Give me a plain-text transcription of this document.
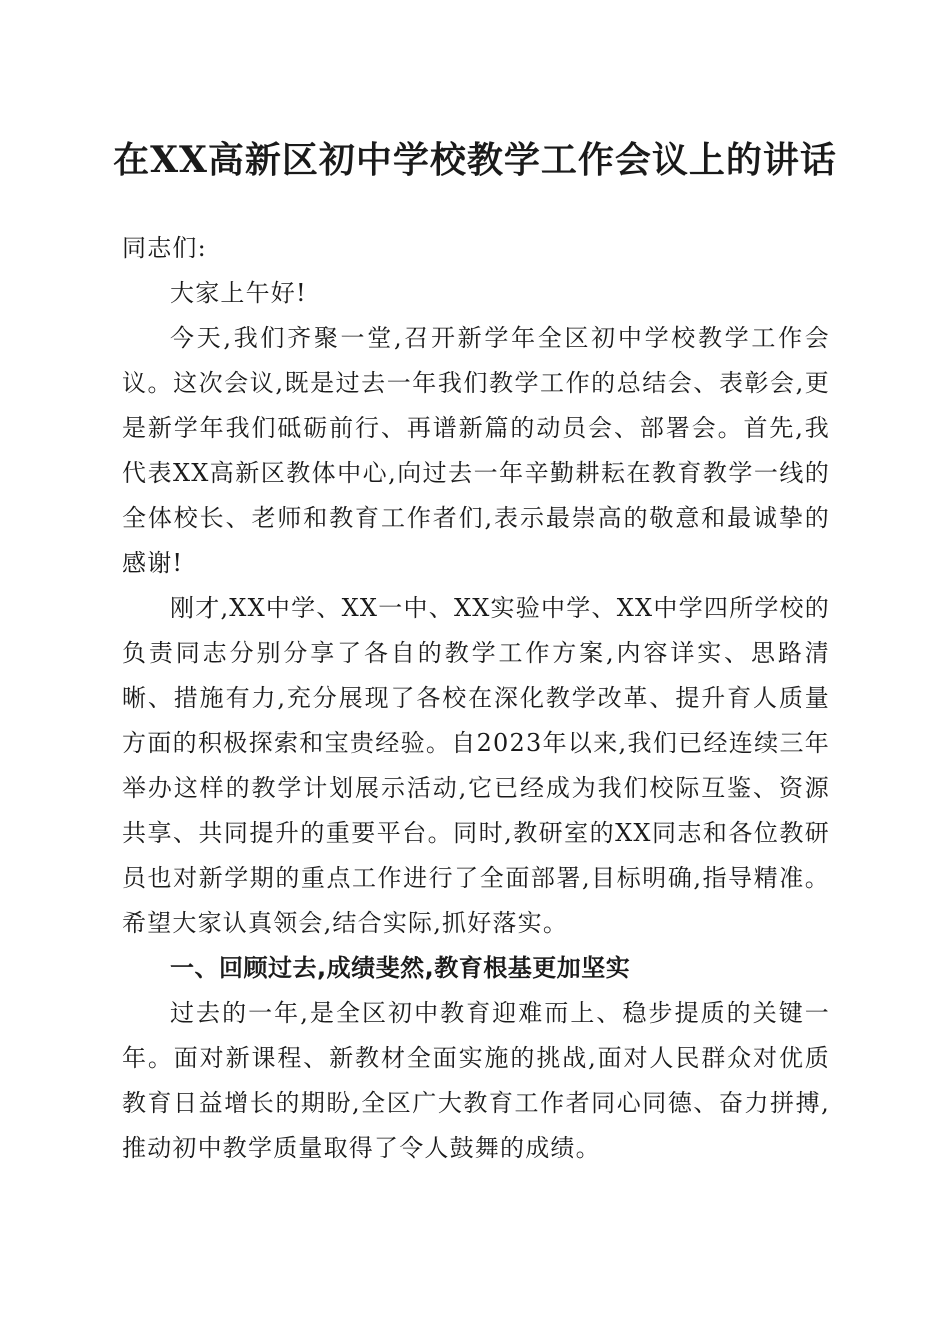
在XX高新区初中学校教学工作会议上的讲话

同志们:

大家上午好!

今天,我们齐聚一堂,召开新学年全区初中学校教学工作会议。这次会议,既是过去一年我们教学工作的总结会、表彰会,更是新学年我们砥砺前行、再谱新篇的动员会、部署会。首先,我代表XX高新区教体中心,向过去一年辛勤耕耘在教育教学一线的全体校长、老师和教育工作者们,表示最崇高的敬意和最诚挚的感谢!

刚才,XX中学、XX一中、XX实验中学、XX中学四所学校的负责同志分别分享了各自的教学工作方案,内容详实、思路清晰、措施有力,充分展现了各校在深化教学改革、提升育人质量方面的积极探索和宝贵经验。自2023年以来,我们已经连续三年举办这样的教学计划展示活动,它已经成为我们校际互鉴、资源共享、共同提升的重要平台。同时,教研室的XX同志和各位教研员也对新学期的重点工作进行了全面部署,目标明确,指导精准。希望大家认真领会,结合实际,抓好落实。

一、回顾过去,成绩斐然,教育根基更加坚实

过去的一年,是全区初中教育迎难而上、稳步提质的关键一年。面对新课程、新教材全面实施的挑战,面对人民群众对优质教育日益增长的期盼,全区广大教育工作者同心同德、奋力拼搏,推动初中教学质量取得了令人鼓舞的成绩。
